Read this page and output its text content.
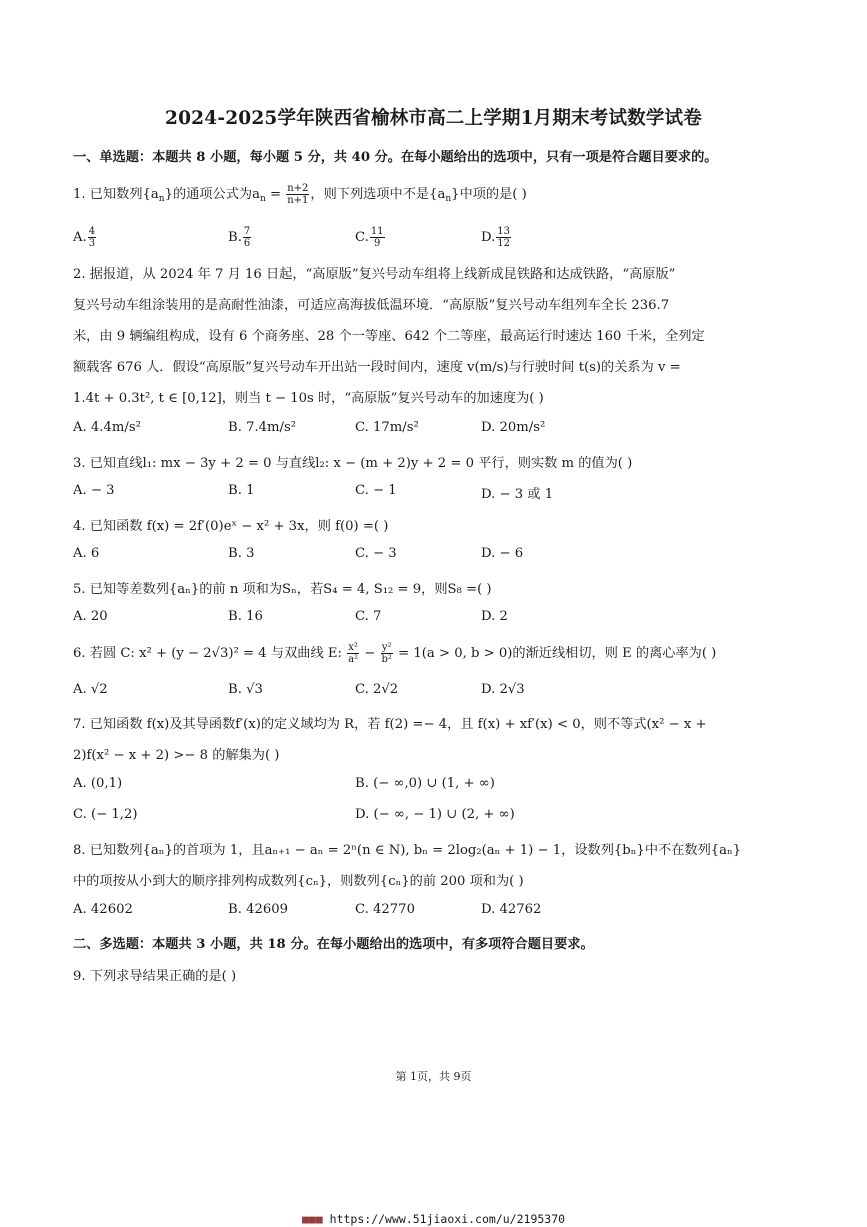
2024-2025学年陕西省榆林市高二上学期1月期末考试数学试卷
一、单选题：本题共 8 小题，每小题 5 分，共 40 分。在每小题给出的选项中，只有一项是符合题目要求的。
1. 已知数列$\{a_n\}$的通项公式为$a_n = \frac{n+2}{n+1}$ ，则下列选项中不是$\{a_n\}$中项的是( )
A. $\frac{4}{3}$	B. $\frac{7}{6}$	C. $\frac{11}{9}$	D. $\frac{13}{12}$
2. 据报道，从 2024 年 7 月 16 日起，“高原版”复兴号动车组将上线新成昆铁路和达成铁路，“高原版”
复兴号动车组涂装用的是高耐性油漆，可适应高海拔低温环境．“高原版”复兴号动车组列车全长 236.7
米，由 9 辆编组构成，设有 6 个商务座、28 个一等座、642 个二等座，最高运行时速达 160 千米，全列定
额载客 676 人．假设“高原版”复兴号动车开出站一段时间内，速度 v(m/s)与行驶时间 t(s)的关系为 v =
1.4t + 0.3t², t ∈ [0,12]，则当 t − 10s 时，“高原版”复兴号动车的加速度为( )
A. 4.4m/s²	B. 7.4m/s²	C. 17m/s²	D. 20m/s²
3. 已知直线l₁: mx − 3y + 2 = 0 与直线l₂: x − (m + 2)y + 2 = 0 平行，则实数 m 的值为( )
A. − 3	B. 1	C. − 1	D. − 3 或 1
4. 已知函数 f(x) = 2f′(0)eˣ − x² + 3x，则 f(0) =( )
A. 6	B. 3	C. − 3	D. − 6
5. 已知等差数列{aₙ}的前 n 项和为Sₙ，若S₄ = 4, S₁₂ = 9，则S₈ =( )
A. 20	B. 16	C. 7	D. 2
6. 若圆 C: x² + (y − 2√3)² = 4 与双曲线 E: $\frac{\text{x²}}{\text{a²}} - \frac{\text{y²}}{\text{b²}} = 1(a > 0$, b > 0)的渐近线相切，则 E 的离心率为( )
A. √2	B. √3	C. 2√2	D. 2√3
7. 已知函数 f(x)及其导函数f′(x)的定义域均为 R，若 f(2) =− 4，且 f(x) + xf′(x) < 0，则不等式(x² − x +
2)f(x² − x + 2) >− 8 的解集为( )
A. (0,1)	B. (− ∞,0) ∪ (1, + ∞)
C. (− 1,2)	D. (− ∞, − 1) ∪ (2, + ∞)
8. 已知数列{aₙ}的首项为 1，且aₙ₊₁ − aₙ = 2ⁿ(n ∈ N), bₙ = 2log₂(aₙ + 1) − 1，设数列{bₙ}中不在数列{aₙ}
中的项按从小到大的顺序排列构成数列{cₙ}，则数列{cₙ}的前 200 项和为( )
A. 42602	B. 42609	C. 42770	D. 42762
二、多选题：本题共 3 小题，共 18 分。在每小题给出的选项中，有多项符合题目要求。
9. 下列求导结果正确的是( )
第 1页，共 9页
■■■ https://www.51jiaoxi.com/u/2195370
